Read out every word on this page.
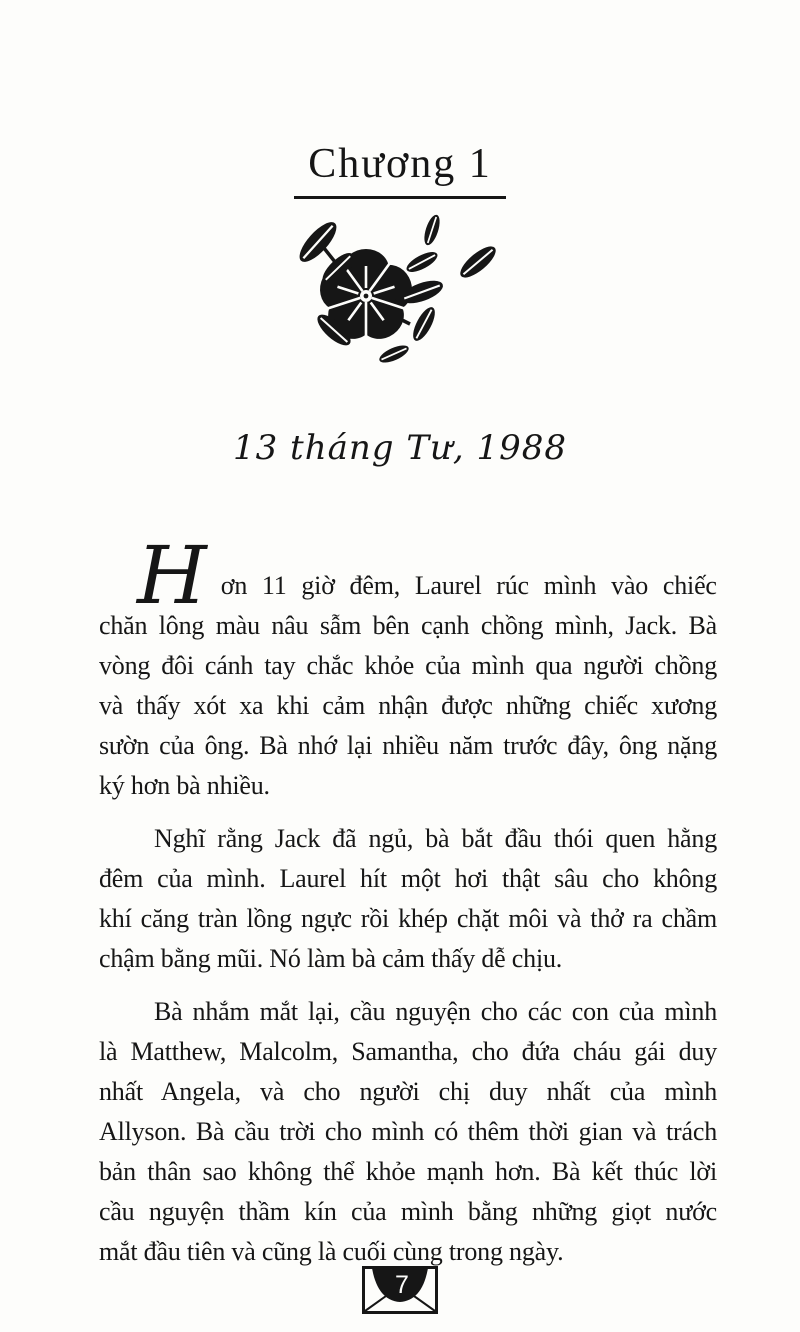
Chương 1
13 tháng Tư, 1988
H ơn 11 giờ đêm, Laurel rúc mình vào chiếc
chăn lông màu nâu sẫm bên cạnh chồng mình, Jack. Bà
vòng đôi cánh tay chắc khỏe của mình qua người chồng
và thấy xót xa khi cảm nhận được những chiếc xương
sườn của ông. Bà nhớ lại nhiều năm trước đây, ông nặng
ký hơn bà nhiều.
Nghĩ rằng Jack đã ngủ, bà bắt đầu thói quen hằng
đêm của mình. Laurel hít một hơi thật sâu cho không
khí căng tràn lồng ngực rồi khép chặt môi và thở ra chầm
chậm bằng mũi. Nó làm bà cảm thấy dễ chịu.
Bà nhắm mắt lại, cầu nguyện cho các con của mình
là Matthew, Malcolm, Samantha, cho đứa cháu gái duy
nhất Angela, và cho người chị duy nhất của mình
Allyson. Bà cầu trời cho mình có thêm thời gian và trách
bản thân sao không thể khỏe mạnh hơn. Bà kết thúc lời
cầu nguyện thầm kín của mình bằng những giọt nước
mắt đầu tiên và cũng là cuối cùng trong ngày.
7
